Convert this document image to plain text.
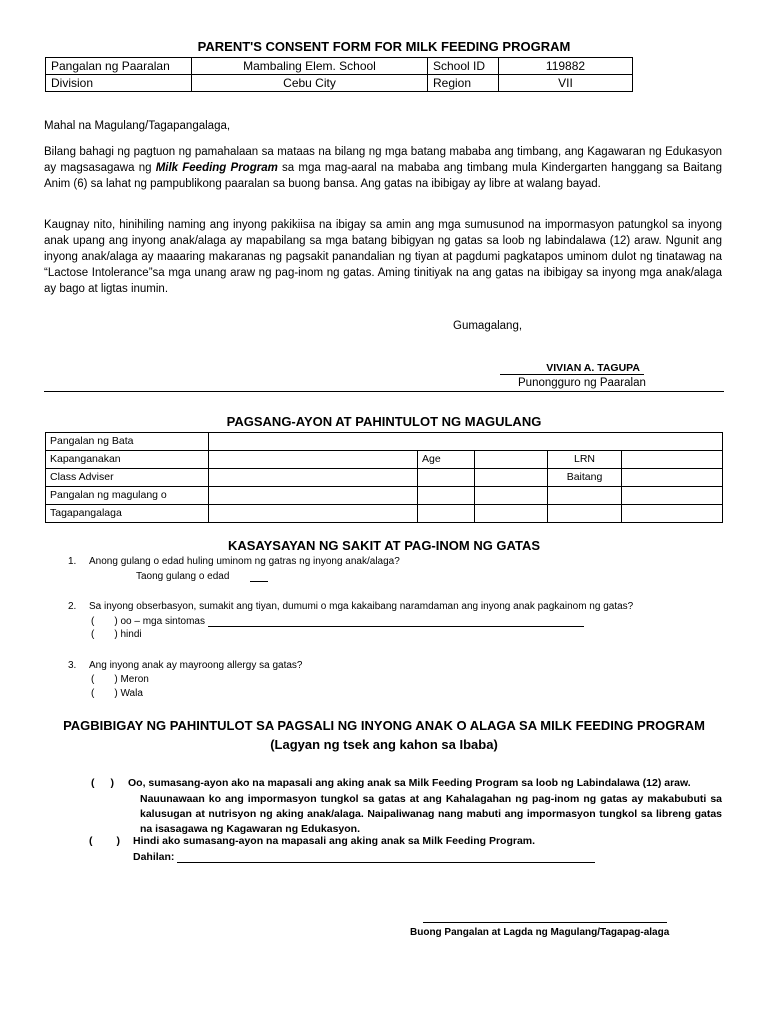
PARENT'S CONSENT FORM FOR MILK FEEDING PROGRAM
Pangalan ng Paaralan	Mambaling Elem. School	School ID	119882
Division	Cebu City	Region	VII
Mahal na Magulang/Tagapangalaga,
Bilang bahagi ng pagtuon ng pamahalaan sa mataas na bilang ng mga batang mababa ang timbang, ang Kagawaran ng Edukasyon ay magsasagawa ng Milk Feeding Program sa mga mag-aaral na mababa ang timbang mula Kindergarten hanggang sa Baitang Anim (6) sa lahat ng pampublikong paaralan sa buong bansa. Ang gatas na ibibigay ay libre at walang bayad.
Kaugnay nito, hinihiling naming ang inyong pakikiisa na ibigay sa amin ang mga sumusunod na impormasyon patungkol sa inyong anak upang ang inyong anak/alaga ay mapabilang sa mga batang bibigyan ng gatas sa loob ng labindalawa (12) araw. Ngunit ang inyong anak/alaga ay maaaring makaranas ng pagsakit panandalian ng tiyan at pagdumi pagkatapos uminom dulot ng tinatawag na “Lactose Intolerance”sa mga unang araw ng pag-inom ng gatas. Aming tinitiyak na ang gatas na ibibigay sa inyong mga anak/alaga ay bago at ligtas inumin.
Gumagalang,
VIVIAN A. TAGUPA
Punongguro ng Paaralan
PAGSANG-AYON AT PAHINTULOT NG MAGULANG
Pangalan ng Bata					
Kapanganakan		Age		LRN	
Class Adviser				Baitang	
Pangalan ng magulang o					
Tagapangalaga					
KASAYSAYAN NG SAKIT AT PAG-INOM NG GATAS
1. Anong gulang o edad huling uminom ng gatras ng inyong anak/alaga?
Taong gulang o edad
2. Sa inyong obserbasyon, sumakit ang tiyan, dumumi o mga kakaibang naramdaman ang inyong anak pagkainom ng gatas?
( ) oo – mga sintomas
( ) hindi
3. Ang inyong anak ay mayroong allergy sa gatas?
( ) Meron
( ) Wala
PAGBIBIGAY NG PAHINTULOT SA PAGSALI NG INYONG ANAK O ALAGA SA MILK FEEDING PROGRAM
(Lagyan ng tsek ang kahon sa Ibaba)
( ) Oo, sumasang-ayon ako na mapasali ang aking anak sa Milk Feeding Program sa loob ng Labindalawa (12) araw.
Nauunawaan ko ang impormasyon tungkol sa gatas at ang Kahalagahan ng pag-inom ng gatas ay makabubuti sa kalusugan at nutrisyon ng aking anak/alaga. Naipaliwanag nang mabuti ang impormasyon tungkol sa libreng gatas na isasagawa ng Kagawaran ng Edukasyon.
( ) Hindi ako sumasang-ayon na mapasali ang aking anak sa Milk Feeding Program.
Dahilan:
Buong Pangalan at Lagda ng Magulang/Tagapag-alaga
